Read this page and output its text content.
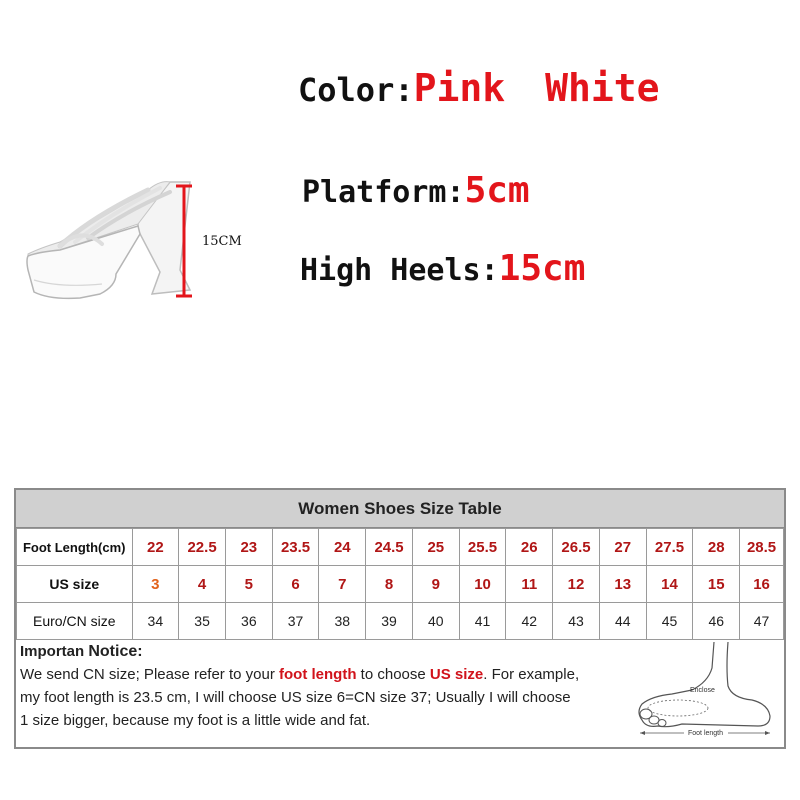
Color:Pink White
Platform:5cm
High Heels:15cm
15CM
Women Shoes Size Table
Foot Length(cm)	22	22.5	23	23.5	24	24.5	25	25.5	26	26.5	27	27.5	28	28.5
US size	3	4	5	6	7	8	9	10	11	12	13	14	15	16
Euro/CN size	34	35	36	37	38	39	40	41	42	43	44	45	46	47
Importan Notice:
We send CN size; Please refer to your foot length to choose US size. For example,
my foot length is 23.5 cm, I will choose US size 6=CN size 37; Usually I will choose
1 size bigger, because my foot is a little wide and fat.
Enclose
Foot length
